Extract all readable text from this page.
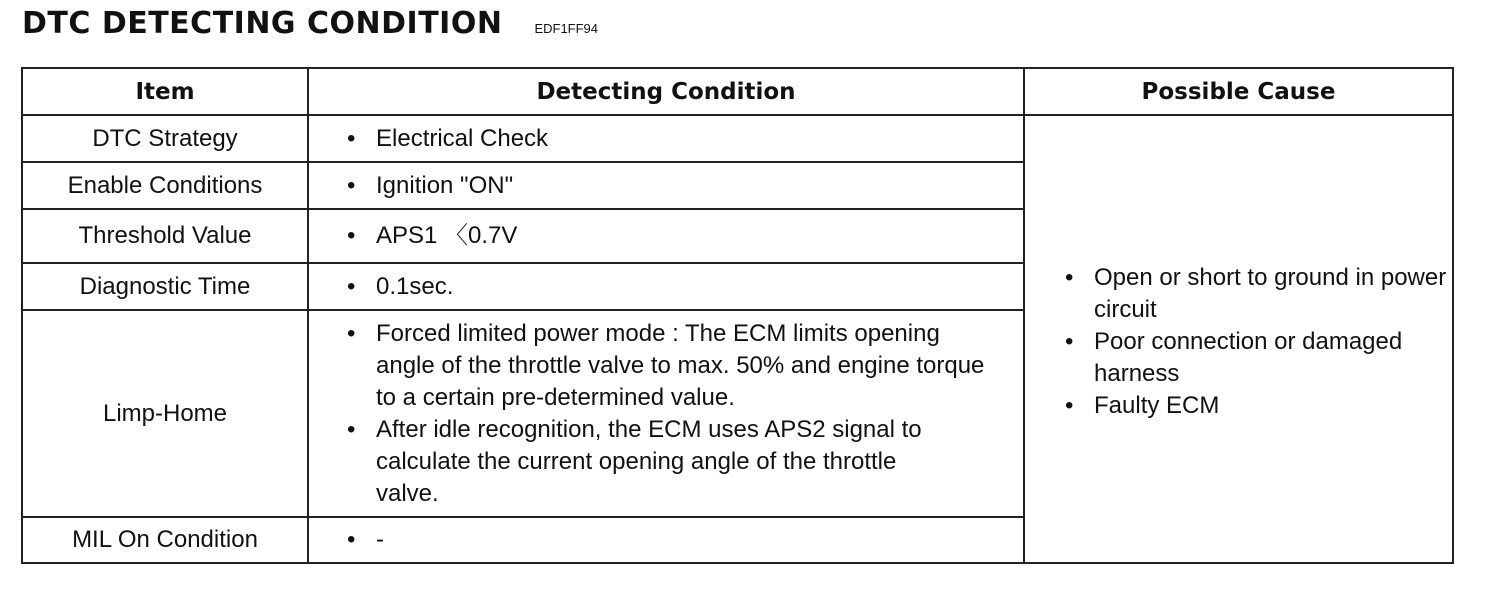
DTC DETECTING CONDITION EDF1FF94
Item	Detecting Condition	Possible Cause
DTC Strategy	• Electrical Check	• Open or short to ground in power circuit
• Poor connection or damaged harness
• Faulty ECM

Enable Conditions	• Ignition "ON"

Threshold Value	• APS1 〈0.7V

Diagnostic Time	• 0.1sec.

Limp-Home	• Forced limited power mode : The ECM limits opening angle of the throttle valve to max. 50% and engine torque to a certain pre-determined value.
• After idle recognition, the ECM uses APS2 signal to calculate the current opening angle of the throttle valve.

MIL On Condition	• -
